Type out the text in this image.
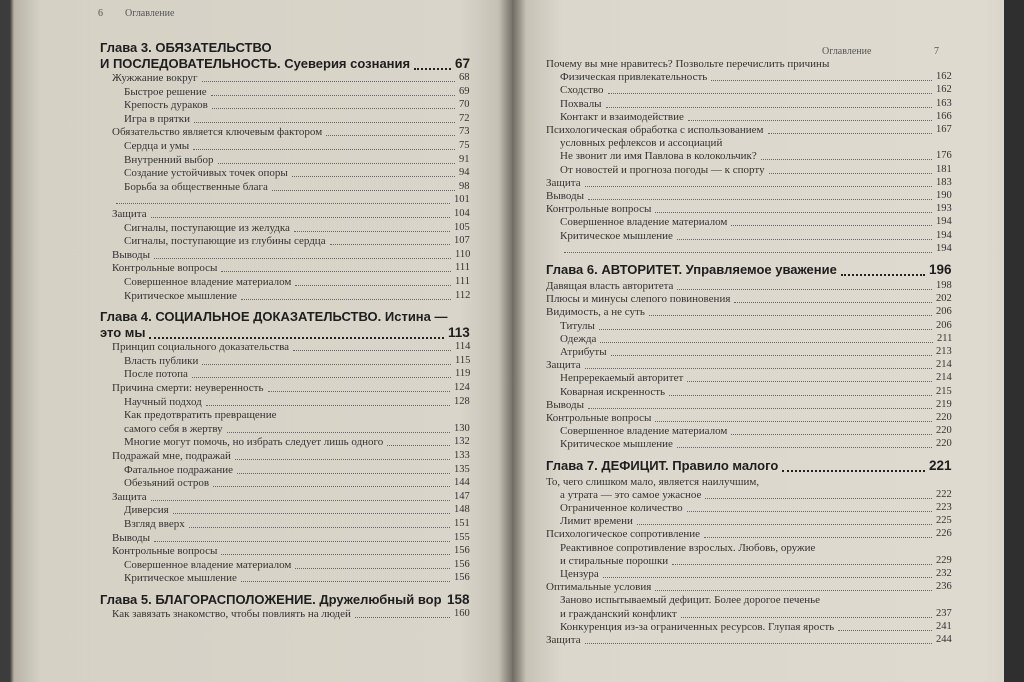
6 Оглавление
Глава 3. ОБЯЗАТЕЛЬСТВО
И ПОСЛЕДОВАТЕЛЬНОСТЬ. Суеверия сознания	67
Жужжание вокруг	68
Быстрое решение	69
Крепость дураков	70
Игра в прятки	72
Обязательство является ключевым фактором	73
Сердца и умы	75
Внутренний выбор	91
Создание устойчивых точек опоры	94
Борьба за общественные блага	98
101
Защита	104
Сигналы, поступающие из желудка	105
Сигналы, поступающие из глубины сердца	107
Выводы	110
Контрольные вопросы	111
Совершенное владение материалом	111
Критическое мышление	112
Глава 4. СОЦИАЛЬНОЕ ДОКАЗАТЕЛЬСТВО. Истина —
это мы	113
Принцип социального доказательства	114
Власть публики	115
После потопа	119
Причина смерти: неуверенность	124
Научный подход	128
Как предотвратить превращение
самого себя в жертву	130
Многие могут помочь, но избрать следует лишь одного	132
Подражай мне, подражай	133
Фатальное подражание	135
Обезьяний остров	144
Защита	147
Диверсия	148
Взгляд вверх	151
Выводы	155
Контрольные вопросы	156
Совершенное владение материалом	156
Критическое мышление	156
Глава 5. БЛАГОРАСПОЛОЖЕНИЕ. Дружелюбный вор 158
Как завязать знакомство, чтобы повлиять на людей	160
Оглавление	7
Почему вы мне нравитесь? Позвольте перечислить причины
Физическая привлекательность	162
Сходство	162
Похвалы	163
Контакт и взаимодействие	166
Психологическая обработка с использованием	167
условных рефлексов и ассоциаций
Не звонит ли имя Павлова в колокольчик?	176
От новостей и прогноза погоды — к спорту	181
Защита	183
Выводы	190
Контрольные вопросы	193
Совершенное владение материалом	194
Критическое мышление	194
194
Глава 6. АВТОРИТЕТ. Управляемое уважение	196
Давящая власть авторитета	198
Плюсы и минусы слепого повиновения	202
Видимость, а не суть	206
Титулы	206
Одежда	211
Атрибуты	213
Защита	214
Непререкаемый авторитет	214
Коварная искренность	215
Выводы	219
Контрольные вопросы	220
Совершенное владение материалом	220
Критическое мышление	220
Глава 7. ДЕФИЦИТ. Правило малого	221
То, чего слишком мало, является наилучшим,
а утрата — это самое ужасное	222
Ограниченное количество	223
Лимит времени	225
Психологическое сопротивление	226
Реактивное сопротивление взрослых. Любовь, оружие
и стиральные порошки	229
Цензура	232
Оптимальные условия	236
Заново испытываемый дефицит. Более дорогое печенье
и гражданский конфликт	237
Конкуренция из-за ограниченных ресурсов. Глупая ярость	241
Защита	244
